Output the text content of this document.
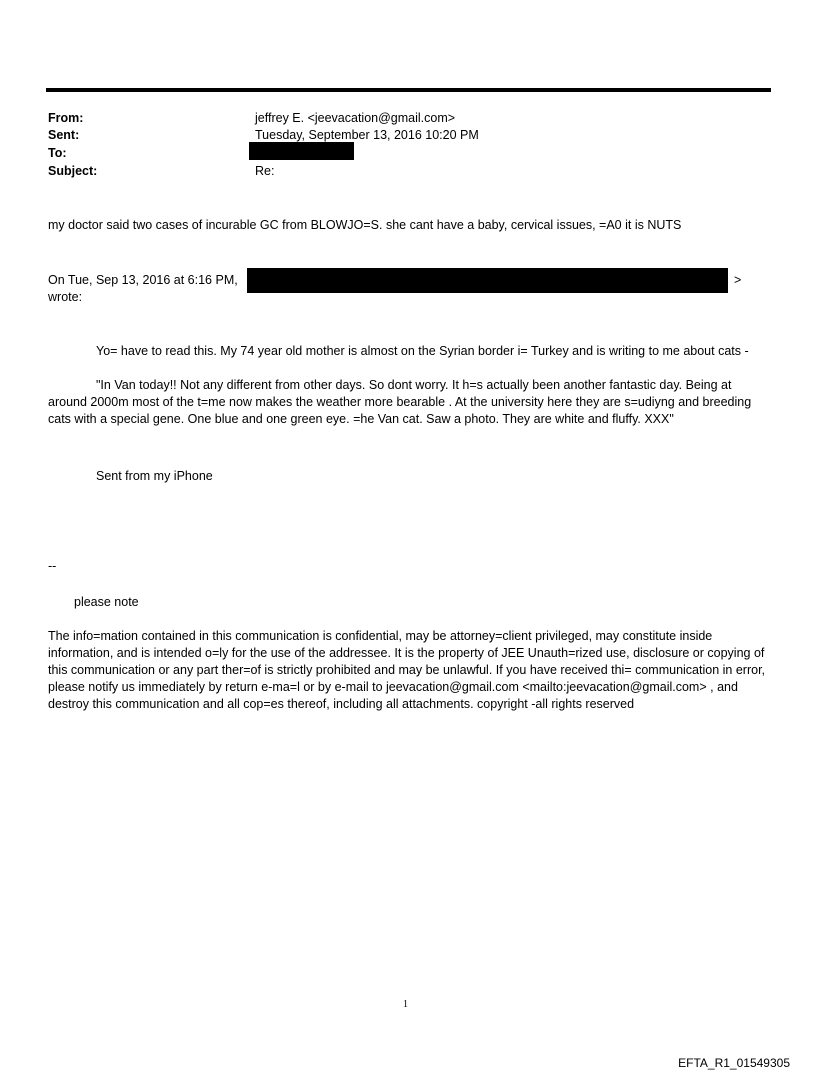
From:	jeffrey E. <jeevacation@gmail.com>
Sent:	Tuesday, September 13, 2016 10:20 PM
To:
Subject:	Re:
my doctor said two cases of incurable GC from BLOWJO=S. she cant have a baby, cervical issues, =A0 it is NUTS
On Tue, Sep 13, 2016 at 6:16 PM,	>
wrote:
Yo= have to read this. My 74 year old mother is almost on the Syrian border i= Turkey and is writing to me about cats -
"In Van today!! Not any different from other days. So dont worry. It h=s actually been another fantastic day. Being at around 2000m most of the t=me now makes the weather more bearable . At the university here they are s=udiyng and breeding cats with a special gene. One blue and one green eye. =he Van cat. Saw a photo. They are white and fluffy. XXX"
Sent from my iPhone
--
please note
The info=mation contained in this communication is confidential, may be attorney=client privileged, may constitute inside information, and is intended o=ly for the use of the addressee. It is the property of JEE Unauth=rized use, disclosure or copying of this communication or any part ther=of is strictly prohibited and may be unlawful. If you have received thi= communication in error, please notify us immediately by return e-ma=l or by e-mail to jeevacation@gmail.com <mailto:jeevacation@gmail.com> , and destroy this communication and all cop=es thereof, including all attachments. copyright -all rights reserved
1
EFTA_R1_01549305
